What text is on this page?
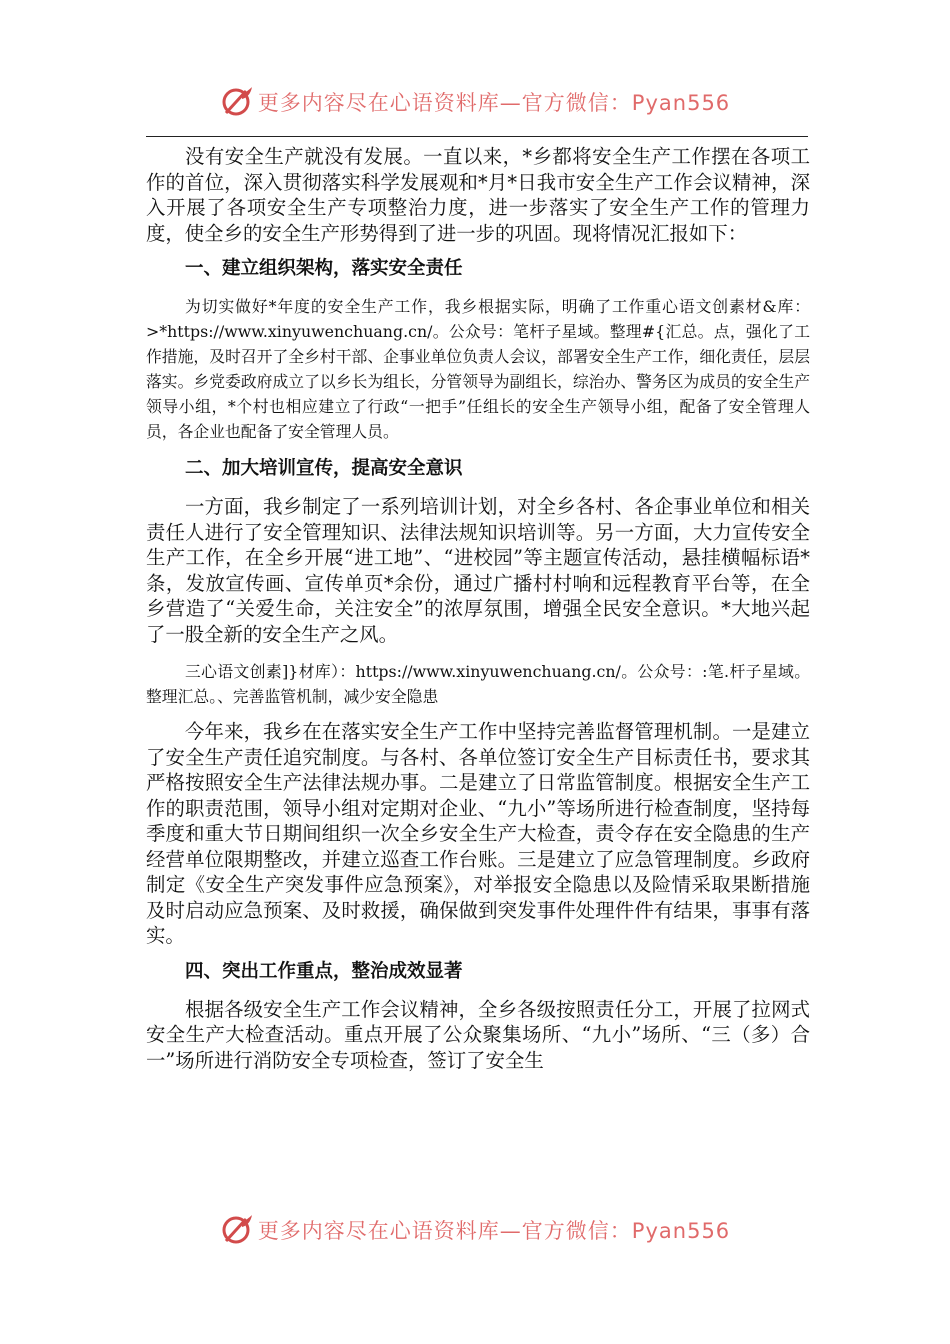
更多内容尽在心语资料库—官方微信：Pyan556

没有安全生产就没有发展。一直以来，*乡都将安全生产工作摆在各项工作的首位，深入贯彻落实科学发展观和*月*日我市安全生产工作会议精神，深入开展了各项安全生产专项整治力度，进一步落实了安全生产工作的管理力度，使全乡的安全生产形势得到了进一步的巩固。现将情况汇报如下：

一、建立组织架构，落实安全责任

为切实做好*年度的安全生产工作，我乡根据实际，明确了工作重心语文创素材&库：>*https://www.xinyuwenchuang.cn/。公众号：笔杆子星域。整理#{汇总。点，强化了工作措施，及时召开了全乡村干部、企事业单位负责人会议，部署安全生产工作，细化责任，层层落实。乡党委政府成立了以乡长为组长，分管领导为副组长，综治办、警务区为成员的安全生产领导小组，*个村也相应建立了行政“一把手”任组长的安全生产领导小组，配备了安全管理人员，各企业也配备了安全管理人员。

二、加大培训宣传，提高安全意识

一方面，我乡制定了一系列培训计划，对全乡各村、各企事业单位和相关责任人进行了安全管理知识、法律法规知识培训等。另一方面，大力宣传安全生产工作，在全乡开展“进工地”、“进校园”等主题宣传活动，悬挂横幅标语*条，发放宣传画、宣传单页*余份，通过广播村村响和远程教育平台等，在全乡营造了“关爱生命，关注安全”的浓厚氛围，增强全民安全意识。*大地兴起了一股全新的安全生产之风。

三心语文创素]}材库）：https://www.xinyuwenchuang.cn/。公众号：:笔.杆子星域。整理汇总。、完善监管机制，减少安全隐患

今年来，我乡在在落实安全生产工作中坚持完善监督管理机制。一是建立了安全生产责任追究制度。与各村、各单位签订安全生产目标责任书，要求其严格按照安全生产法律法规办事。二是建立了日常监管制度。根据安全生产工作的职责范围，领导小组对定期对企业、“九小”等场所进行检查制度，坚持每季度和重大节日期间组织一次全乡安全生产大检查，责令存在安全隐患的生产经营单位限期整改，并建立巡查工作台账。三是建立了应急管理制度。乡政府制定《安全生产突发事件应急预案》，对举报安全隐患以及险情采取果断措施及时启动应急预案、及时救援，确保做到突发事件处理件件有结果，事事有落实。

四、突出工作重点，整治成效显著

根据各级安全生产工作会议精神，全乡各级按照责任分工，开展了拉网式安全生产大检查活动。重点开展了公众聚集场所、“九小”场所、“三（多）合一”场所进行消防安全专项检查，签订了安全生

更多内容尽在心语资料库—官方微信：Pyan556
